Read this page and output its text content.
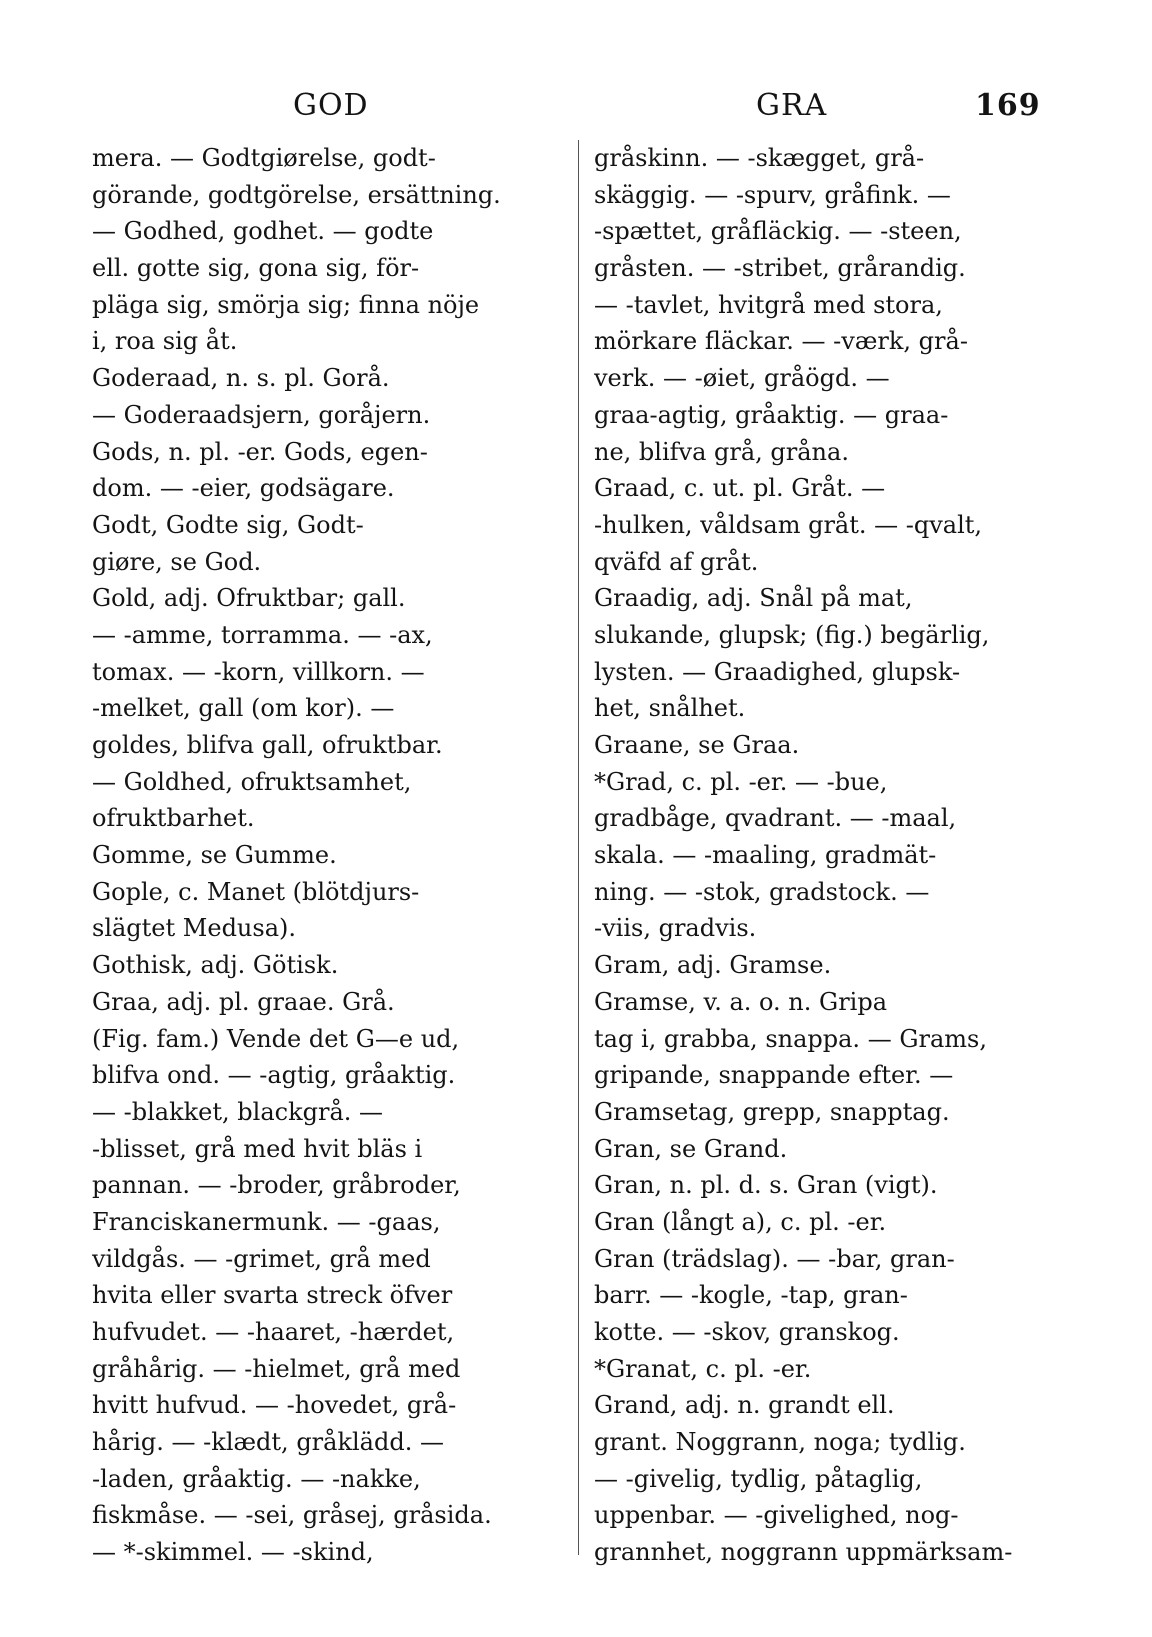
GOD	GRA	169
mera. — Godtgiørelse, godt-
görande, godtgörelse, ersättning.
— Godhed, godhet. — godte
ell. gotte sig, gona sig, för-
pläga sig, smörja sig; finna nöje
i, roa sig åt.
Goderaad, n. s. pl. Gorå.
— Goderaadsjern, goråjern.
Gods, n. pl. -er. Gods, egen-
dom. — -eier, godsägare.
Godt, Godte sig, Godt-
giøre, se God.
Gold, adj. Ofruktbar; gall.
— -amme, torramma. — -ax,
tomax. — -korn, villkorn. —
-melket, gall (om kor). —
goldes, blifva gall, ofruktbar.
— Goldhed, ofruktsamhet,
ofruktbarhet.
Gomme, se Gumme.
Gople, c. Manet (blötdjurs-
slägtet Medusa).
Gothisk, adj. Götisk.
Graa, adj. pl. graae. Grå.
(Fig. fam.) Vende det G—e ud,
blifva ond. — -agtig, gråaktig.
— -blakket, blackgrå. —
-blisset, grå med hvit bläs i
pannan. — -broder, gråbroder,
Franciskanermunk. — -gaas,
vildgås. — -grimet, grå med
hvita eller svarta streck öfver
hufvudet. — -haaret, -hærdet,
gråhårig. — -hielmet, grå med
hvitt hufvud. — -hovedet, grå-
hårig. — -klædt, gråklädd. —
-laden, gråaktig. — -nakke,
fiskmåse. — -sei, gråsej, gråsida.
— *-skimmel. — -skind,
gråskinn. — -skægget, grå-
skäggig. — -spurv, gråfink. —
-spættet, gråfläckig. — -steen,
gråsten. — -stribet, grårandig.
— -tavlet, hvitgrå med stora,
mörkare fläckar. — -værk, grå-
verk. — -øiet, gråögd. —
graa-agtig, gråaktig. — graa-
ne, blifva grå, gråna.
Graad, c. ut. pl. Gråt. —
-hulken, våldsam gråt. — -qvalt,
qväfd af gråt.
Graadig, adj. Snål på mat,
slukande, glupsk; (fig.) begärlig,
lysten. — Graadighed, glupsk-
het, snålhet.
Graane, se Graa.
*Grad, c. pl. -er. — -bue,
gradbåge, qvadrant. — -maal,
skala. — -maaling, gradmät-
ning. — -stok, gradstock. —
-viis, gradvis.
Gram, adj. Gramse.
Gramse, v. a. o. n. Gripa
tag i, grabba, snappa. — Grams,
gripande, snappande efter. —
Gramsetag, grepp, snapptag.
Gran, se Grand.
Gran, n. pl. d. s. Gran (vigt).
Gran (långt a), c. pl. -er.
Gran (trädslag). — -bar, gran-
barr. — -kogle, -tap, gran-
kotte. — -skov, granskog.
*Granat, c. pl. -er.
Grand, adj. n. grandt ell.
grant. Noggrann, noga; tydlig.
— -givelig, tydlig, påtaglig,
uppenbar. — -givelighed, nog-
grannhet, noggrann uppmärksam-
